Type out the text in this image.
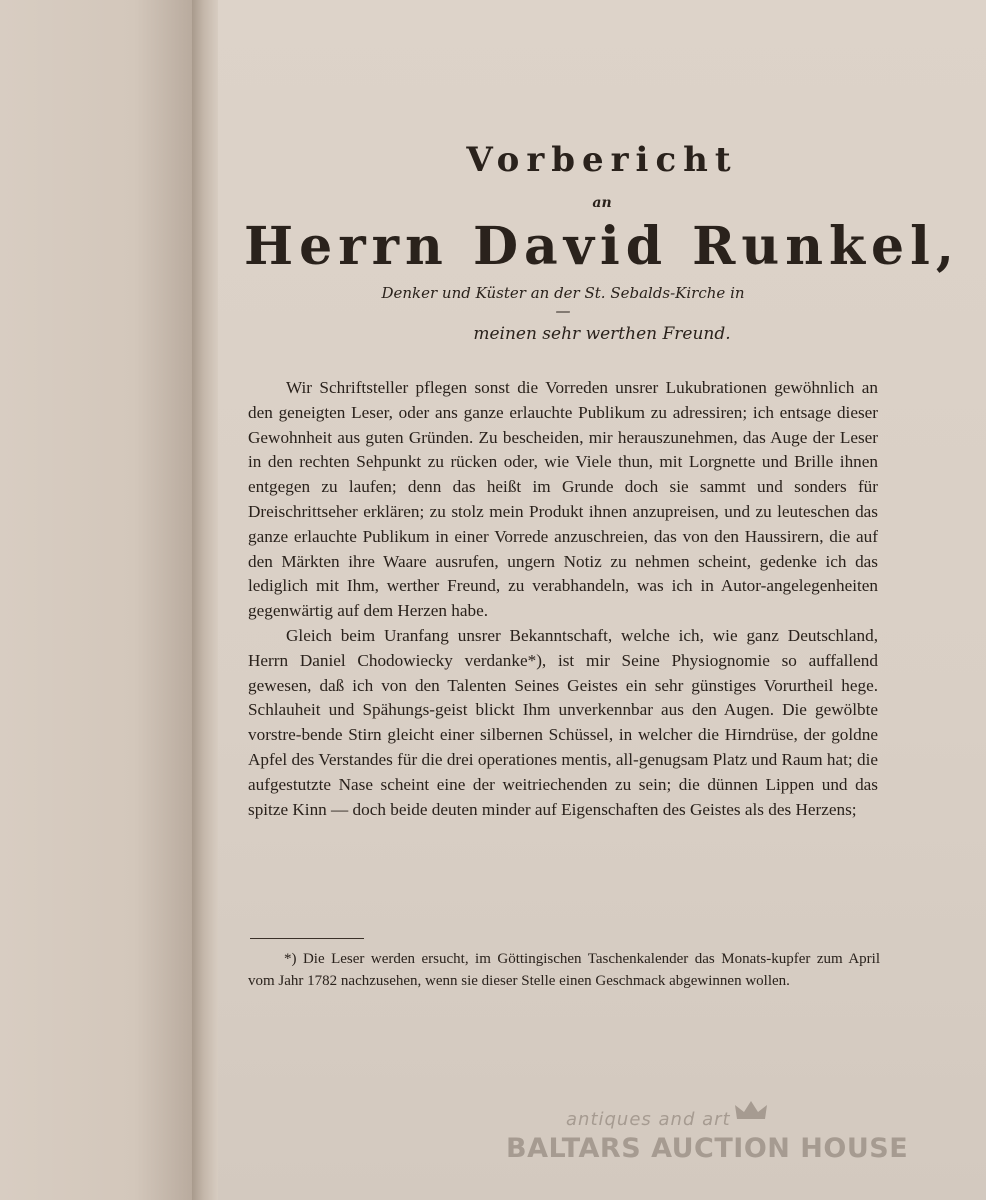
Vorbericht
an
Herrn David Runkel,
Denker und Küster an der St. Sebalds-Kirche in —
meinen sehr werthen Freund.

Wir Schriftsteller pflegen sonst die Vorreden unsrer Lukubrationen gewöhnlich an den geneigten Leser, oder ans ganze erlauchte Publikum zu adressiren; ich entsage dieser Gewohnheit aus guten Gründen. Zu bescheiden, mir herauszunehmen, das Auge der Leser in den rechten Sehpunkt zu rücken oder, wie Viele thun, mit Lorgnette und Brille ihnen entgegen zu laufen; denn das heißt im Grunde doch sie sammt und sonders für Dreischrittseher erklären; zu stolz mein Produkt ihnen anzupreisen, und zu leuteschen das ganze erlauchte Publikum in einer Vorrede anzuschreien, das von den Haussirern, die auf den Märkten ihre Waare ausrufen, ungern Notiz zu nehmen scheint, gedenke ich das lediglich mit Ihm, werther Freund, zu verabhandeln, was ich in Autor-angelegenheiten gegenwärtig auf dem Herzen habe.

Gleich beim Uranfang unsrer Bekanntschaft, welche ich, wie ganz Deutschland, Herrn Daniel Chodowiecky verdanke*), ist mir Seine Physiognomie so auffallend gewesen, daß ich von den Talenten Seines Geistes ein sehr günstiges Vorurtheil hege. Schlauheit und Spähungs-geist blickt Ihm unverkennbar aus den Augen. Die gewölbte vorstre-bende Stirn gleicht einer silbernen Schüssel, in welcher die Hirndrüse, der goldne Apfel des Verstandes für die drei operationes mentis, all-genugsam Platz und Raum hat; die aufgestutzte Nase scheint eine der weitriechenden zu sein; die dünnen Lippen und das spitze Kinn — doch beide deuten minder auf Eigenschaften des Geistes als des Herzens;

*) Die Leser werden ersucht, im Göttingischen Taschenkalender das Monats-kupfer zum April vom Jahr 1782 nachzusehen, wenn sie dieser Stelle einen Geschmack abgewinnen wollen.

antiques and art
BALTARS AUCTION HOUSE
